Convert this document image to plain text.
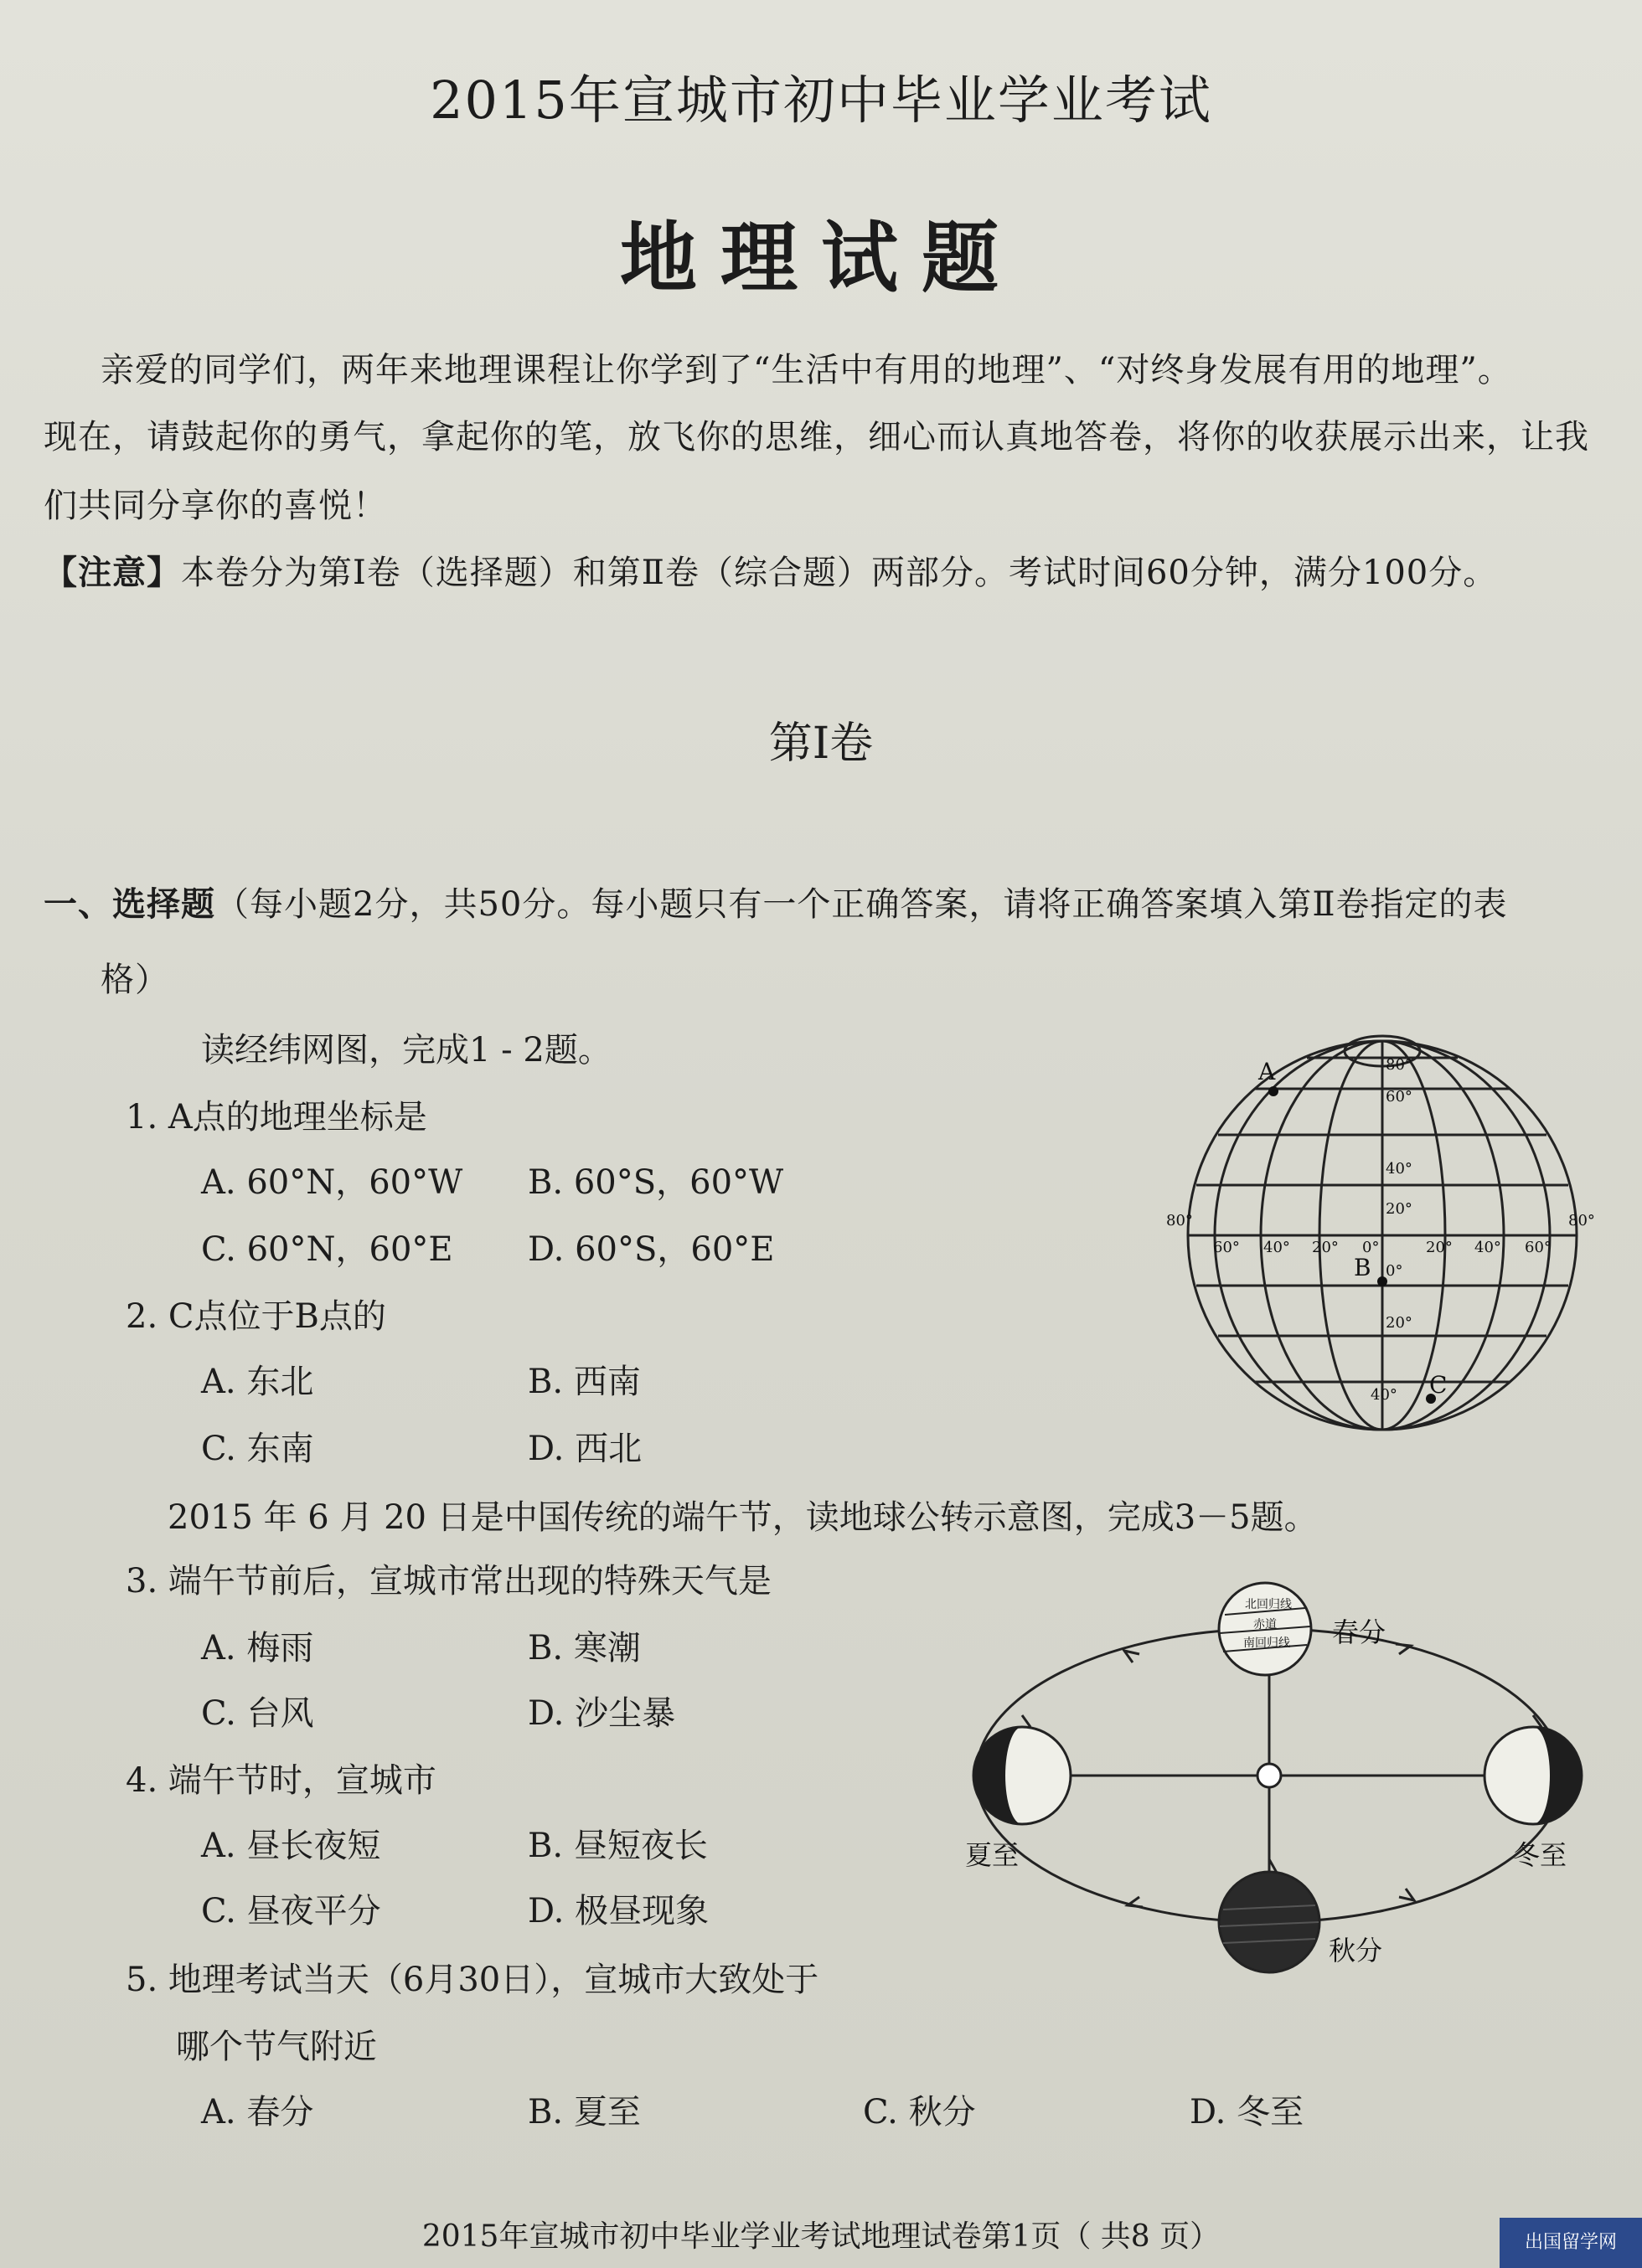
2015年宣城市初中毕业学业考试
地理试题
亲爱的同学们，两年来地理课程让你学到了“生活中有用的地理”、“对终身发展有用的地理”。
现在，请鼓起你的勇气，拿起你的笔，放飞你的思维，细心而认真地答卷，将你的收获展示出来，让我
们共同分享你的喜悦！
【注意】本卷分为第Ⅰ卷（选择题）和第Ⅱ卷（综合题）两部分。考试时间60分钟，满分100分。
第Ⅰ卷
一、选择题（每小题2分，共50分。每小题只有一个正确答案，请将正确答案填入第Ⅱ卷指定的表
格）
读经纬网图，完成1 - 2题。
1. A点的地理坐标是
A. 60°N，60°W B. 60°S，60°W
C. 60°N，60°E D. 60°S，60°E
2. C点位于B点的
A. 东北	B. 西南
C. 东南	D. 西北
2015 年 6 月 20 日是中国传统的端午节，读地球公转示意图，完成3－5题。
3. 端午节前后，宣城市常出现的特殊天气是
A. 梅雨	B. 寒潮
C. 台风	D. 沙尘暴
4. 端午节时，宣城市
A. 昼长夜短	B. 昼短夜长
C. 昼夜平分	D. 极昼现象
5. 地理考试当天（6月30日），宣城市大致处于
哪个节气附近
A. 春分	B. 夏至	C. 秋分	D. 冬至
A
B
C
80°
60°
40°
20°
0°
20°
40°
80°
60° 40° 20° 0°	20° 40° 60°
80°
北回归线
赤道
南回归线 春分
夏至	冬至
秋分
2015年宣城市初中毕业学业考试地理试卷第1页（ 共8 页）	出国留学网
